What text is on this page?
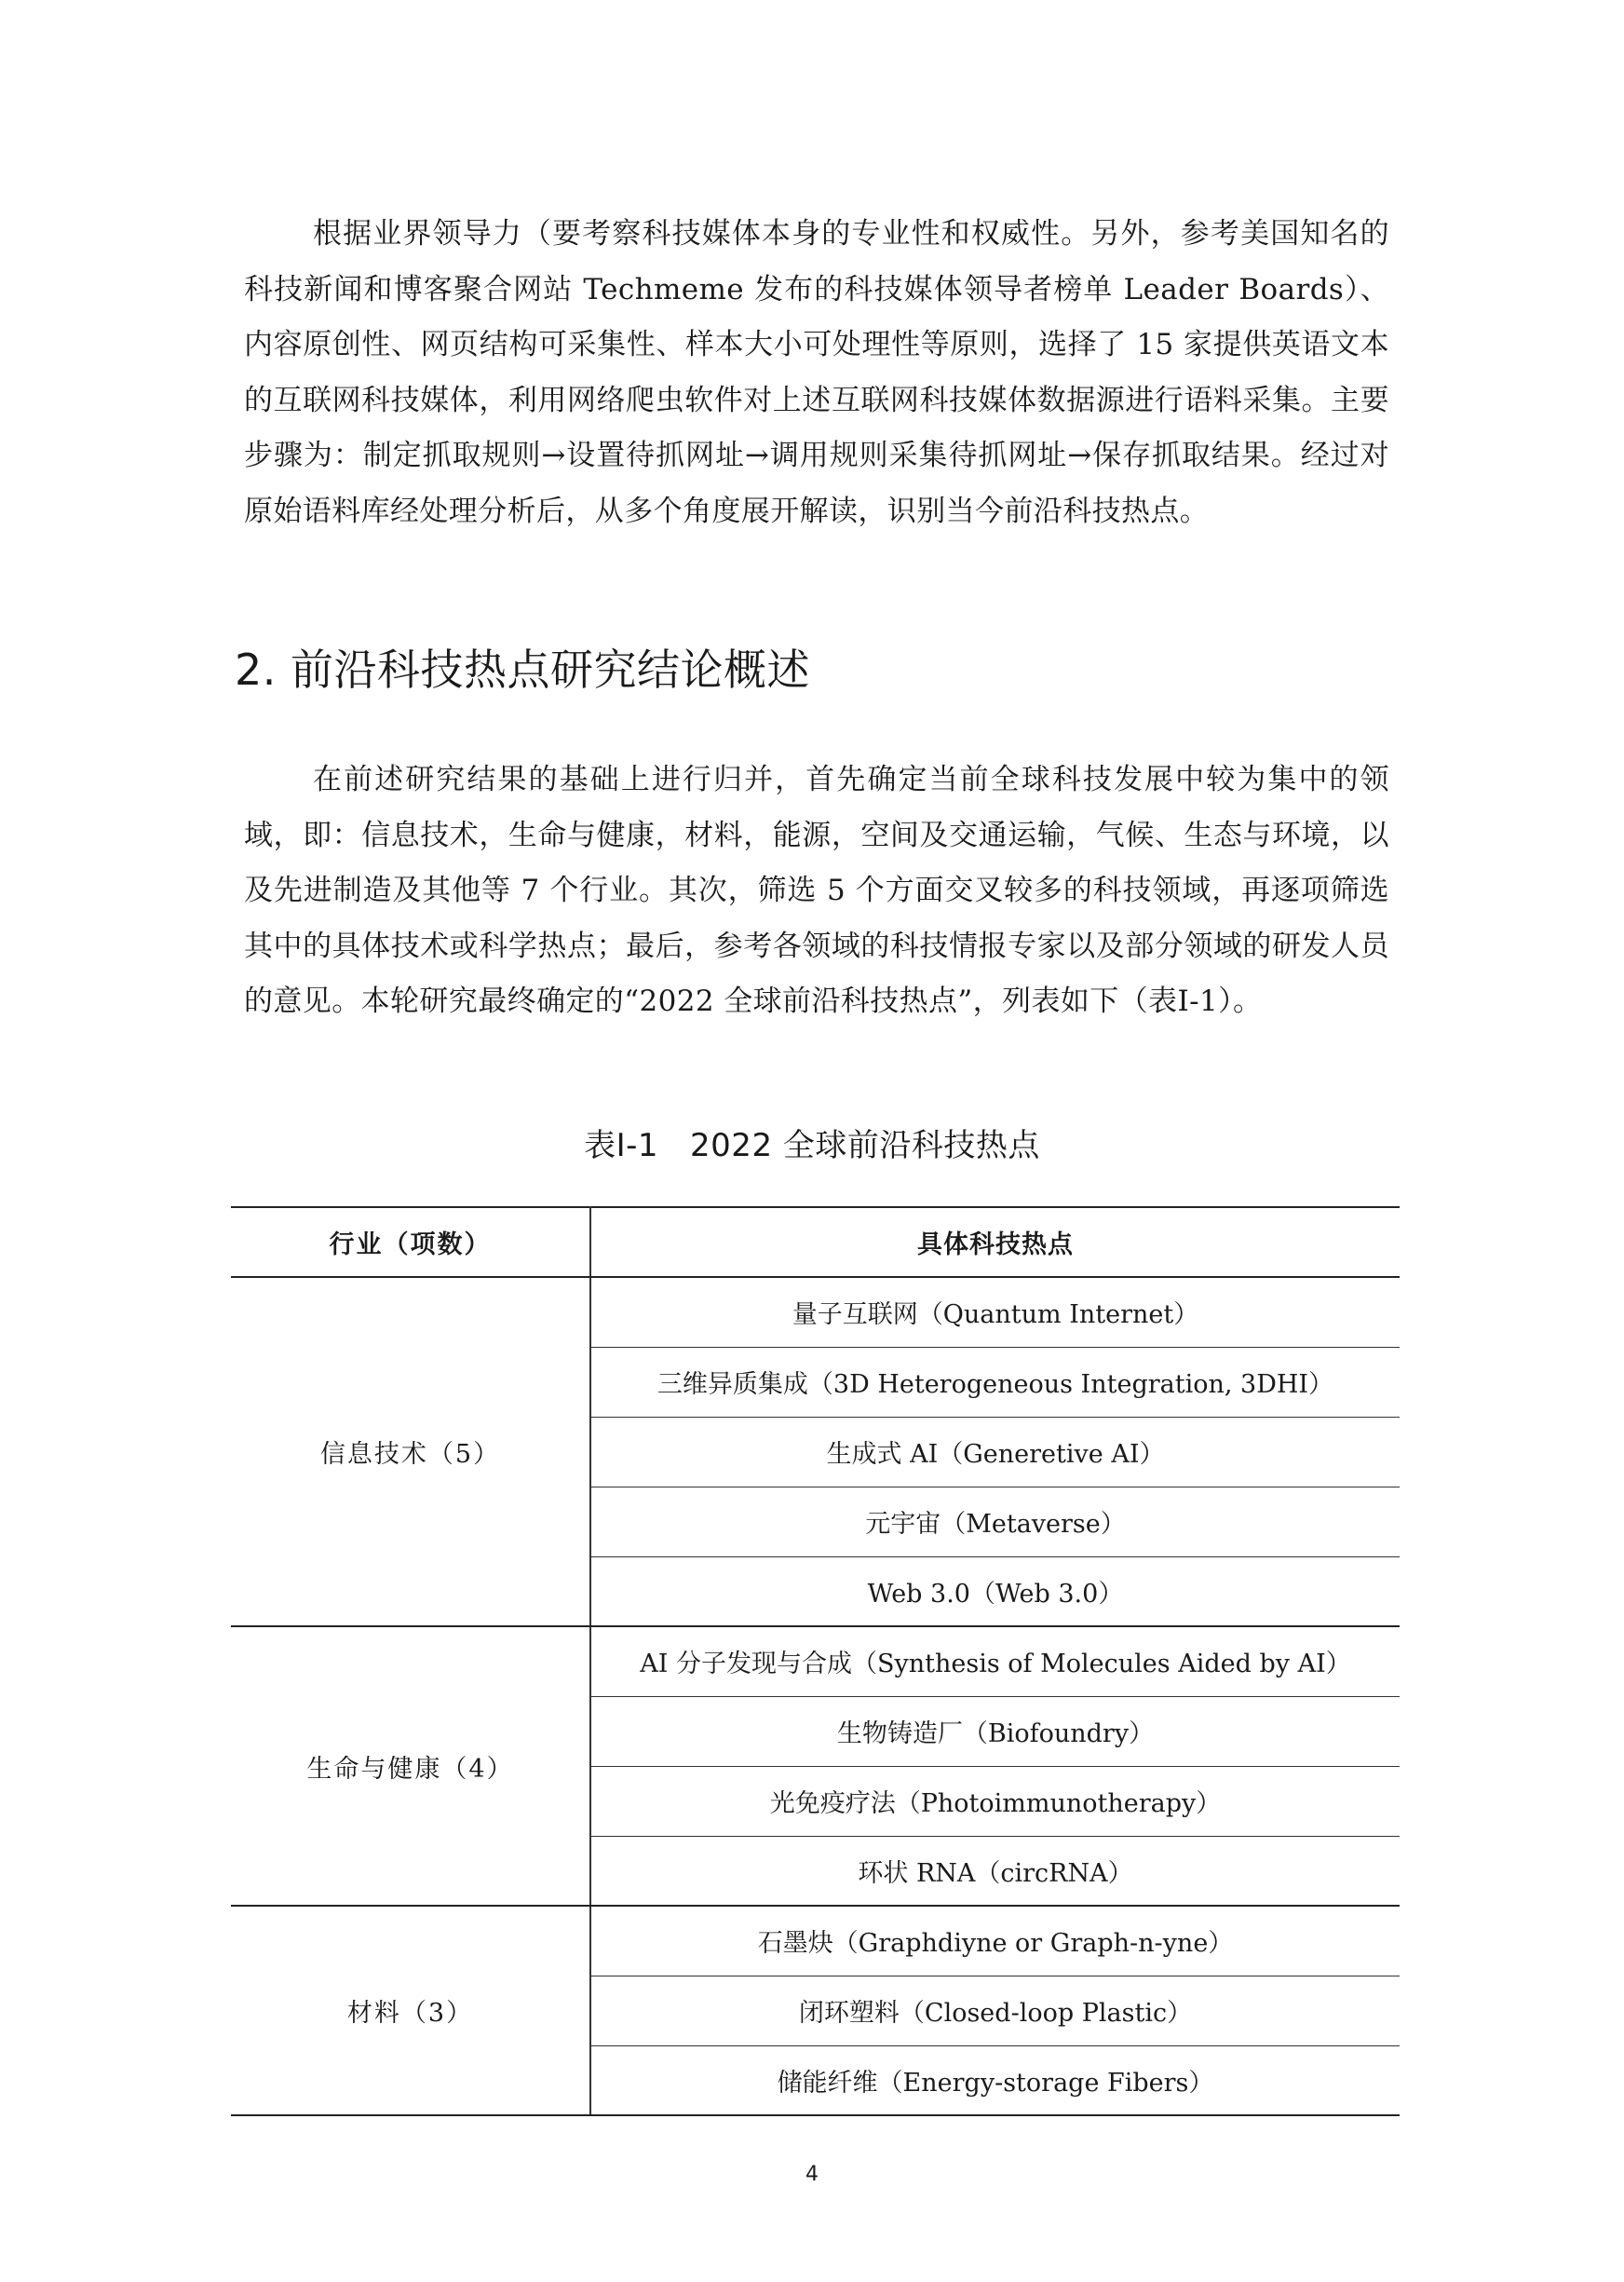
根据业界领导力（要考察科技媒体本身的专业性和权威性。另外，参考美国知名的科技新闻和博客聚合网站 Techmeme 发布的科技媒体领导者榜单 Leader Boards）、内容原创性、网页结构可采集性、样本大小可处理性等原则，选择了 15 家提供英语文本的互联网科技媒体，利用网络爬虫软件对上述互联网科技媒体数据源进行语料采集。主要步骤为：制定抓取规则→设置待抓网址→调用规则采集待抓网址→保存抓取结果。经过对原始语料库经处理分析后，从多个角度展开解读，识别当今前沿科技热点。

2. 前沿科技热点研究结论概述

在前述研究结果的基础上进行归并，首先确定当前全球科技发展中较为集中的领域，即：信息技术，生命与健康，材料，能源，空间及交通运输，气候、生态与环境，以及先进制造及其他等 7 个行业。其次，筛选 5 个方面交叉较多的科技领域，再逐项筛选其中的具体技术或科学热点；最后，参考各领域的科技情报专家以及部分领域的研发人员的意见。本轮研究最终确定的“2022 全球前沿科技热点”，列表如下（表Ⅰ-1）。

表Ⅰ-1 2022 全球前沿科技热点
行业（项数）	具体科技热点
信息技术（5）	量子互联网（Quantum Internet）
	三维异质集成（3D Heterogeneous Integration, 3DHI）
	生成式 AI（Generetive AI）
	元宇宙（Metaverse）
	Web 3.0（Web 3.0）
生命与健康（4）	AI 分子发现与合成（Synthesis of Molecules Aided by AI）
	生物铸造厂（Biofoundry）
	光免疫疗法（Photoimmunotherapy）
	环状 RNA（circRNA）
材料（3）	石墨炔（Graphdiyne or Graph-n-yne）
	闭环塑料（Closed-loop Plastic）
	储能纤维（Energy-storage Fibers）
4
